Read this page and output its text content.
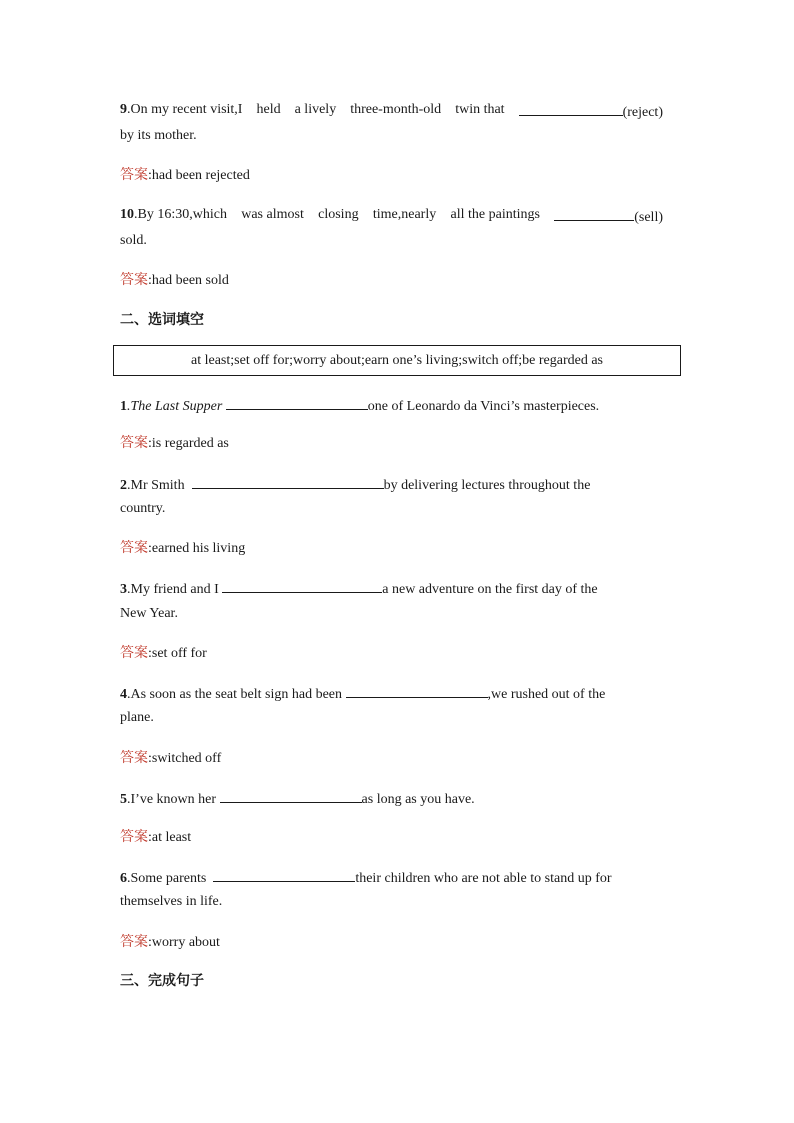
9.On my recent visit,I held a lively three-month-old twin that	(reject)
by its mother.
答案:had been rejected
10.By 16:30,which was almost closing time,nearly all the paintings	(sell)
sold.
答案:had been sold
二、选词填空
at least;set off for;worry about;earn one’s living;switch off;be regarded as
1.The Last Supper	one of Leonardo da Vinci’s masterpieces.
答案:is regarded as
2.Mr Smith	by delivering lectures throughout the
country.
答案:earned his living
3.My friend and I	a new adventure on the first day of the
New Year.
答案:set off for
4.As soon as the seat belt sign had been	,we rushed out of the
plane.
答案:switched off
5.I’ve known her	as long as you have.
答案:at least
6.Some parents	their children who are not able to stand up for
themselves in life.
答案:worry about
三、完成句子
